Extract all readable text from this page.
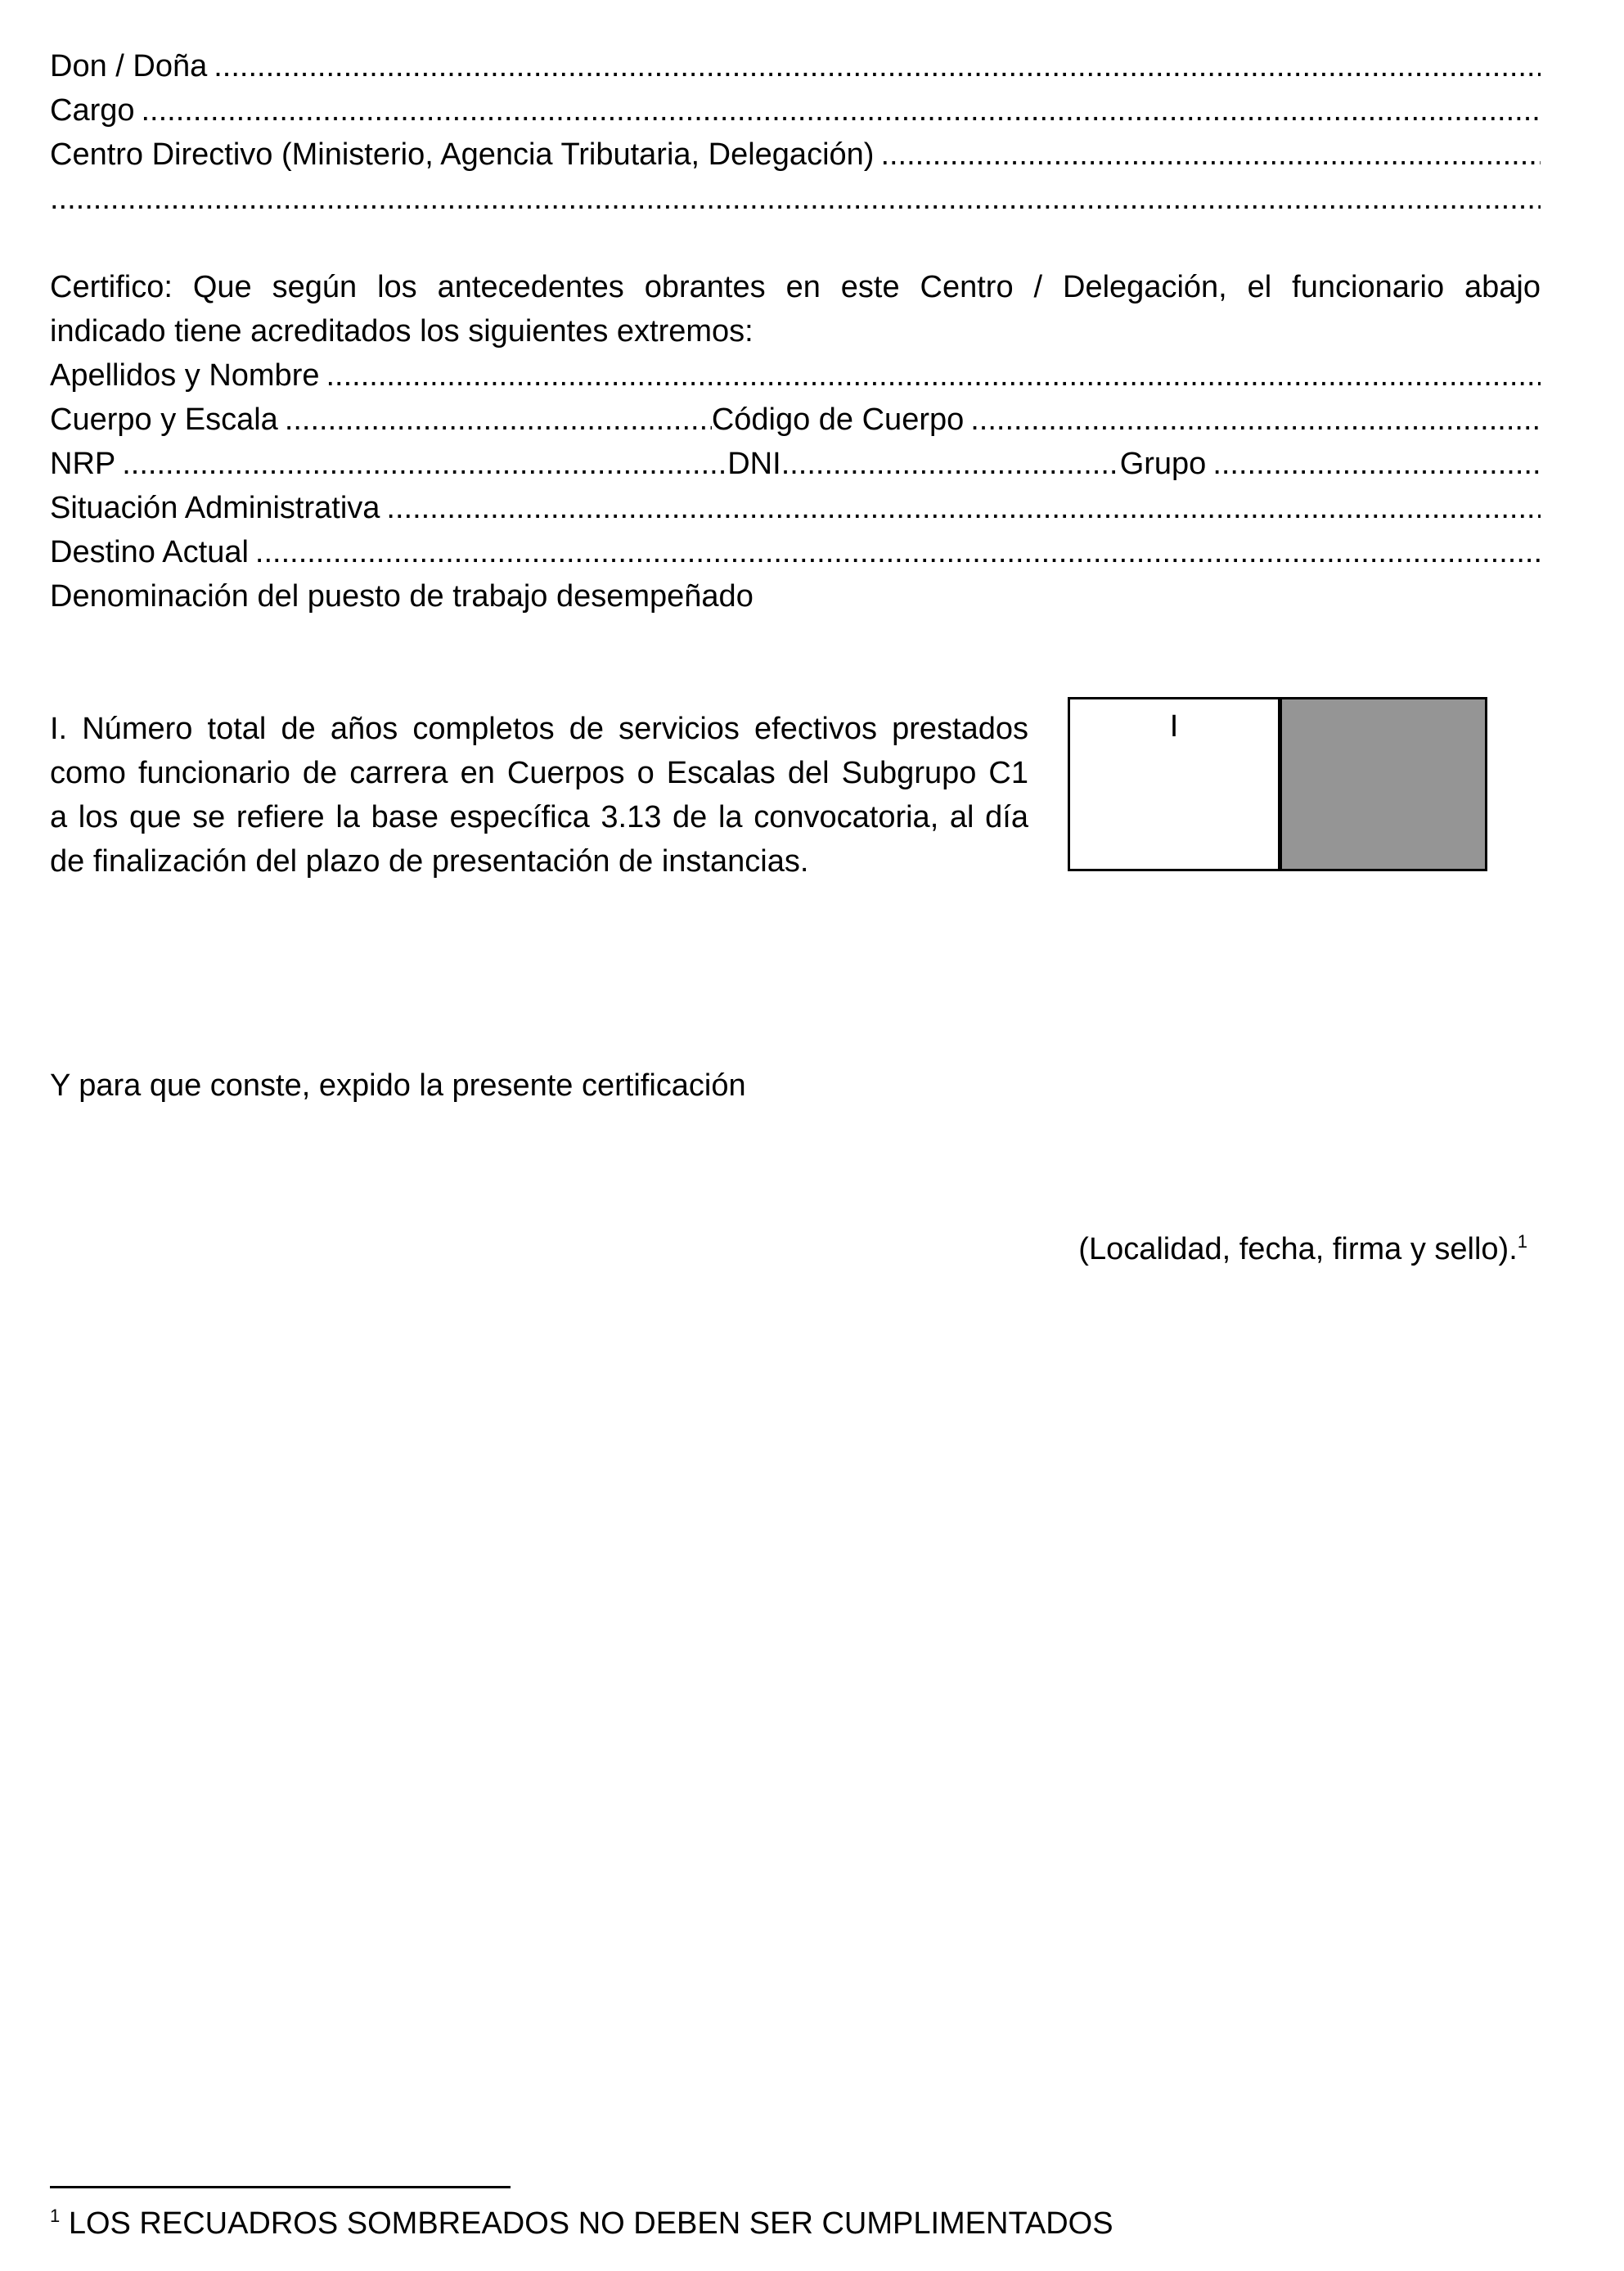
Don / Doña
.....
Cargo
.....
Centro Directivo (Ministerio, Agencia Tributaria, Delegación)
.....
.....
Certifico: Que según los antecedentes obrantes en este Centro / Delegación, el funcionario abajo
indicado tiene acreditados los siguientes extremos:
Apellidos y Nombre
.....
Cuerpo y Escala .....	Código de Cuerpo
.....
NRP .....	DNI .....	Grupo
.....
Situación Administrativa
.....
Destino Actual
.....
Denominación del puesto de trabajo desempeñado
I. Número total de años completos de servicios efectivos prestados
como funcionario de carrera en Cuerpos o Escalas del Subgrupo C1
a los que se refiere la base específica 3.13 de la convocatoria, al día
de finalización del plazo de presentación de instancias.
I
Y para que conste, expido la presente certificación
(Localidad, fecha, firma y sello).$^1$
$^1$ LOS RECUADROS SOMBREADOS NO DEBEN SER CUMPLIMENTADOS
